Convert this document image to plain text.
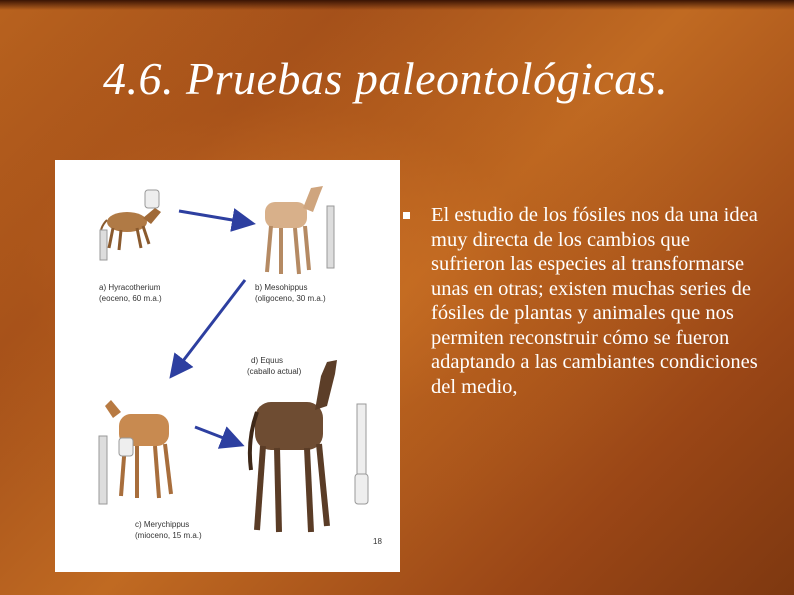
4.6. Pruebas paleontológicas.
a) Hyracotherium
(eoceno, 60 m.a.)
b) Mesohippus
(oligoceno, 30 m.a.)
d) Equus
(caballo actual)
c) Merychippus
(mioceno, 15 m.a.)
18

El estudio de los fósiles nos da una idea muy directa de los cambios que sufrieron las especies al transformarse unas en otras; existen muchas series de fósiles de plantas y animales que nos permiten reconstruir cómo se fueron adaptando a las cambiantes condiciones del medio,
